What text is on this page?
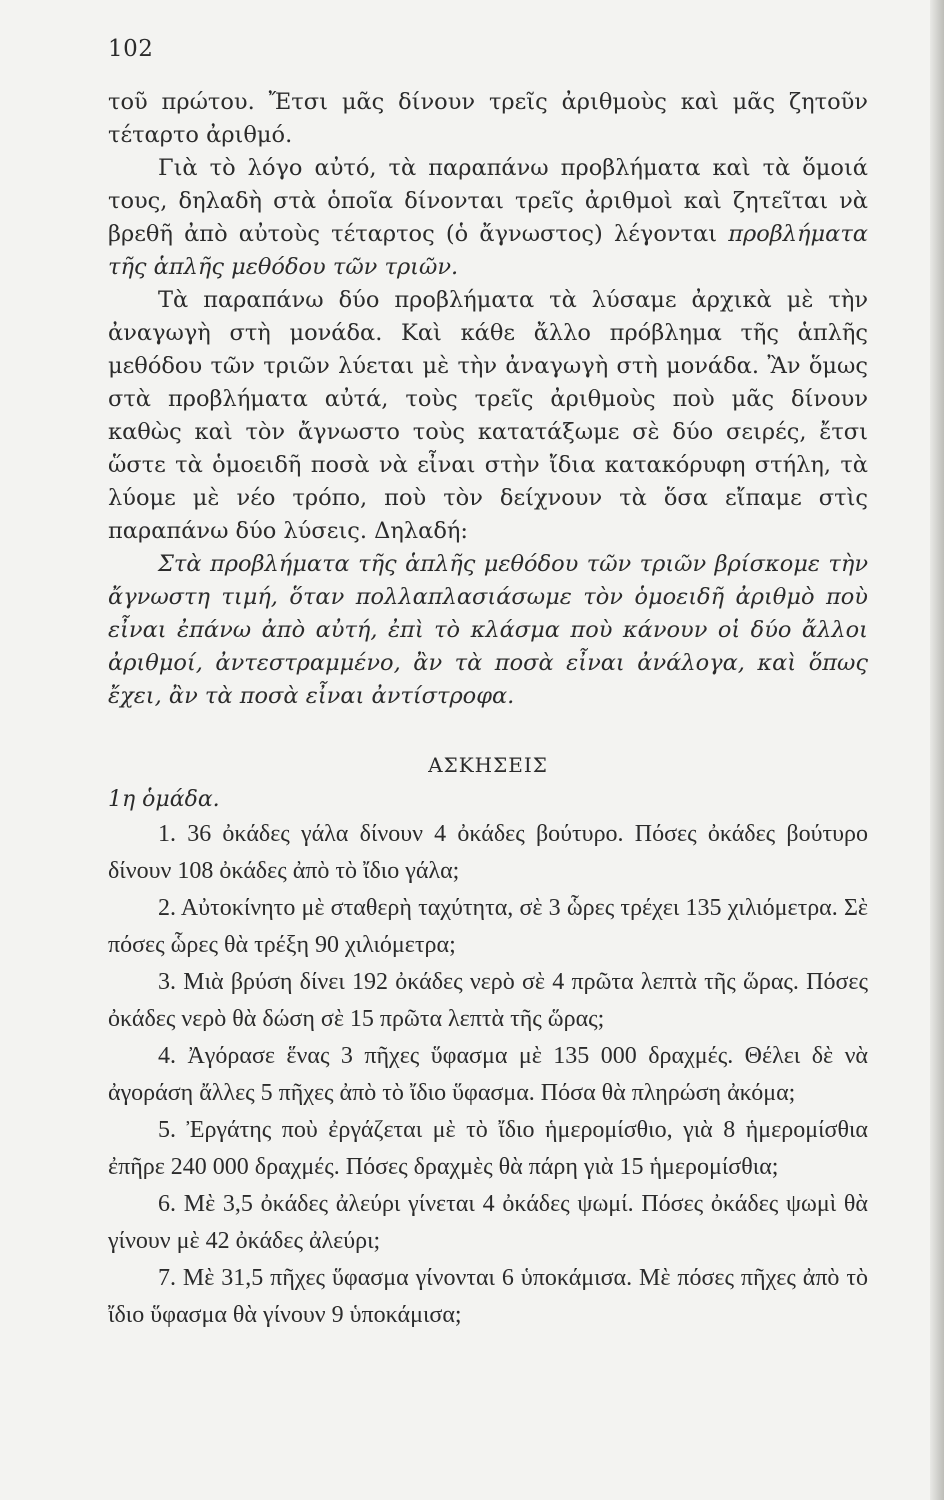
102

τοῦ πρώτου. Ἔτσι μᾶς δίνουν τρεῖς ἀριθμοὺς καὶ μᾶς ζητοῦν τέταρτο ἀριθμό.

Γιὰ τὸ λόγο αὐτό, τὰ παραπάνω προβλήματα καὶ τὰ ὅμοιά τους, δηλαδὴ στὰ ὁποῖα δίνονται τρεῖς ἀριθμοὶ καὶ ζητεῖται νὰ βρεθῆ ἀπὸ αὐτοὺς τέταρτος (ὁ ἄγνωστος) λέγονται προβλήματα τῆς ἁπλῆς μεθόδου τῶν τριῶν.

Τὰ παραπάνω δύο προβλήματα τὰ λύσαμε ἀρχικὰ μὲ τὴν ἀναγωγὴ στὴ μονάδα. Καὶ κάθε ἄλλο πρόβλημα τῆς ἁπλῆς μεθόδου τῶν τριῶν λύεται μὲ τὴν ἀναγωγὴ στὴ μονάδα. Ἂν ὅμως στὰ προβλήματα αὐτά, τοὺς τρεῖς ἀριθμοὺς ποὺ μᾶς δίνουν καθὼς καὶ τὸν ἄγνωστο τοὺς κατατάξωμε σὲ δύο σειρές, ἔτσι ὥστε τὰ ὁμοειδῆ ποσὰ νὰ εἶναι στὴν ἴδια κατακόρυφη στήλη, τὰ λύομε μὲ νέο τρόπο, ποὺ τὸν δείχνουν τὰ ὅσα εἴπαμε στὶς παραπάνω δύο λύσεις. Δηλαδή:

Στὰ προβλήματα τῆς ἁπλῆς μεθόδου τῶν τριῶν βρίσκομε τὴν ἄγνωστη τιμή, ὅταν πολλαπλασιάσωμε τὸν ὁμοειδῆ ἀριθμὸ ποὺ εἶναι ἐπάνω ἀπὸ αὐτή, ἐπὶ τὸ κλάσμα ποὺ κάνουν οἱ δύο ἄλλοι ἀριθμοί, ἀντεστραμμένο, ἂν τὰ ποσὰ εἶναι ἀνάλογα, καὶ ὅπως ἔχει, ἂν τὰ ποσὰ εἶναι ἀντίστροφα.

ΑΣΚΗΣΕΙΣ
1η ὁμάδα.

1. 36 ὀκάδες γάλα δίνουν 4 ὀκάδες βούτυρο. Πόσες ὀκάδες βούτυρο δίνουν 108 ὀκάδες ἀπὸ τὸ ἴδιο γάλα;

2. Αὐτοκίνητο μὲ σταθερὴ ταχύτητα, σὲ 3 ὧρες τρέχει 135 χιλιόμετρα. Σὲ πόσες ὧρες θὰ τρέξη 90 χιλιόμετρα;

3. Μιὰ βρύση δίνει 192 ὀκάδες νερὸ σὲ 4 πρῶτα λεπτὰ τῆς ὥρας. Πόσες ὀκάδες νερὸ θὰ δώση σὲ 15 πρῶτα λεπτὰ τῆς ὥρας;

4. Ἀγόρασε ἕνας 3 πῆχες ὕφασμα μὲ 135 000 δραχμές. Θέλει δὲ νὰ ἀγοράση ἄλλες 5 πῆχες ἀπὸ τὸ ἴδιο ὕφασμα. Πόσα θὰ πληρώση ἀκόμα;

5. Ἐργάτης ποὺ ἐργάζεται μὲ τὸ ἴδιο ἡμερομίσθιο, γιὰ 8 ἡμερομίσθια ἐπῆρε 240 000 δραχμές. Πόσες δραχμὲς θὰ πάρη γιὰ 15 ἡμερομίσθια;

6. Μὲ 3,5 ὀκάδες ἀλεύρι γίνεται 4 ὀκάδες ψωμί. Πόσες ὀκάδες ψωμὶ θὰ γίνουν μὲ 42 ὀκάδες ἀλεύρι;

7. Μὲ 31,5 πῆχες ὕφασμα γίνονται 6 ὑποκάμισα. Μὲ πόσες πῆχες ἀπὸ τὸ ἴδιο ὕφασμα θὰ γίνουν 9 ὑποκάμισα;
